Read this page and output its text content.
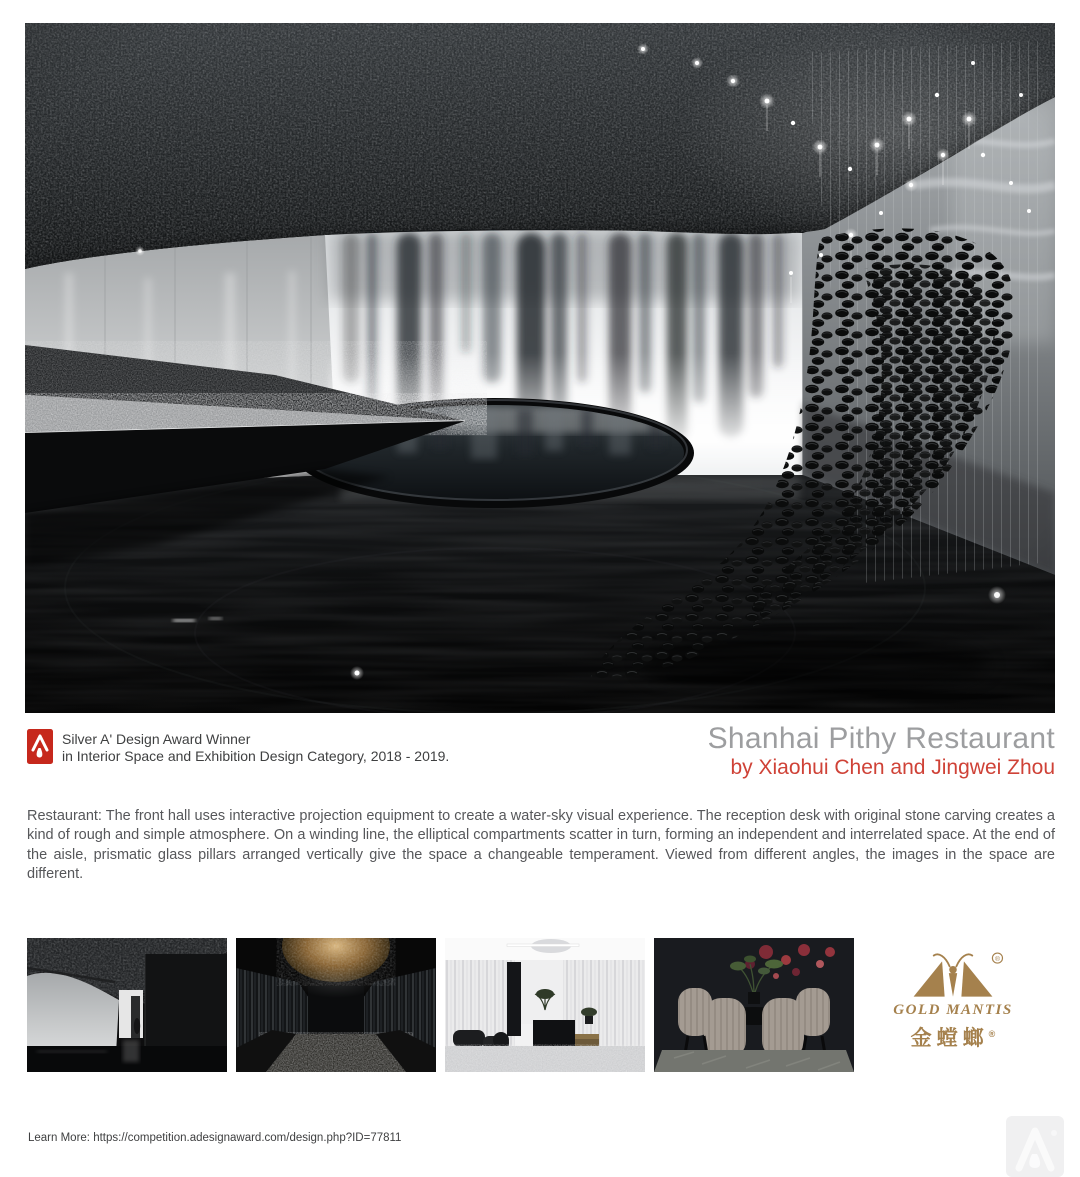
Silver A' Design Award Winner
in Interior Space and Exhibition Design Category, 2018 - 2019.
Shanhai Pithy Restaurant
by Xiaohui Chen and Jingwei Zhou

Restaurant: The front hall uses interactive projection equipment to create a water-sky visual experience. The reception desk with original stone carving creates a kind of rough and simple atmosphere. On a winding line, the elliptical compartments scatter in turn, forming an independent and interrelated space. At the end of the aisle, prismatic glass pillars arranged vertically give the space a changeable temperament. Viewed from different angles, the images in the space are different.

®
GOLD MANTIS
金螳螂®
Learn More: https://competition.adesignaward.com/design.php?ID=77811
